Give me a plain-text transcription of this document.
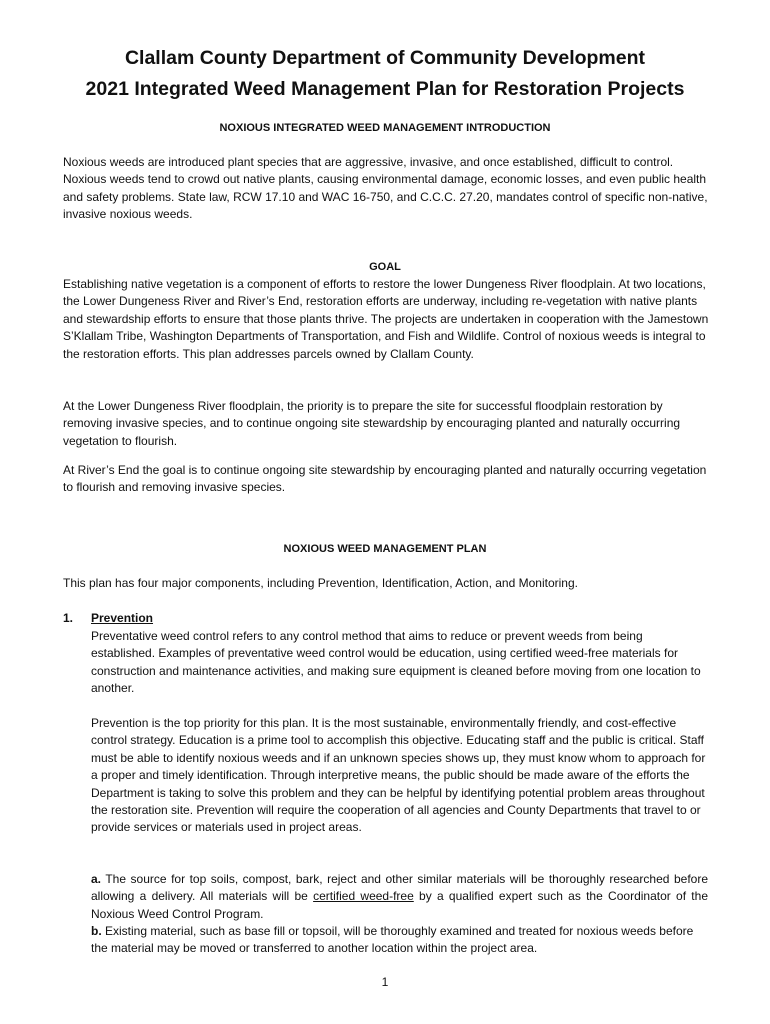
Clallam County Department of Community Development
2021 Integrated Weed Management Plan for Restoration Projects
NOXIOUS INTEGRATED WEED MANAGEMENT INTRODUCTION

Noxious weeds are introduced plant species that are aggressive, invasive, and once established, difficult to control. Noxious weeds tend to crowd out native plants, causing environmental damage, economic losses, and even public health and safety problems. State law, RCW 17.10 and WAC 16-750, and C.C.C. 27.20, mandates control of specific non-native, invasive noxious weeds.

GOAL

Establishing native vegetation is a component of efforts to restore the lower Dungeness River floodplain. At two locations, the Lower Dungeness River and River’s End, restoration efforts are underway, including re-vegetation with native plants and stewardship efforts to ensure that those plants thrive. The projects are undertaken in cooperation with the Jamestown S’Klallam Tribe, Washington Departments of Transportation, and Fish and Wildlife. Control of noxious weeds is integral to the restoration efforts. This plan addresses parcels owned by Clallam County.

At the Lower Dungeness River floodplain, the priority is to prepare the site for successful floodplain restoration by removing invasive species, and to continue ongoing site stewardship by encouraging planted and naturally occurring vegetation to flourish.

At River’s End the goal is to continue ongoing site stewardship by encouraging planted and naturally occurring vegetation to flourish and removing invasive species.

NOXIOUS WEED MANAGEMENT PLAN

This plan has four major components, including Prevention, Identification, Action, and Monitoring.

1. Prevention

Preventative weed control refers to any control method that aims to reduce or prevent weeds from being established. Examples of preventative weed control would be education, using certified weed-free materials for construction and maintenance activities, and making sure equipment is cleaned before moving from one location to another.

Prevention is the top priority for this plan. It is the most sustainable, environmentally friendly, and cost-effective control strategy. Education is a prime tool to accomplish this objective. Educating staff and the public is critical. Staff must be able to identify noxious weeds and if an unknown species shows up, they must know whom to approach for a proper and timely identification. Through interpretive means, the public should be made aware of the efforts the Department is taking to solve this problem and they can be helpful by identifying potential problem areas throughout the restoration site. Prevention will require the cooperation of all agencies and County Departments that travel to or provide services or materials used in project areas.

a. The source for top soils, compost, bark, reject and other similar materials will be thoroughly researched before allowing a delivery. All materials will be certified weed-free by a qualified expert such as the Coordinator of the Noxious Weed Control Program.

b. Existing material, such as base fill or topsoil, will be thoroughly examined and treated for noxious weeds before the material may be moved or transferred to another location within the project area.

1
